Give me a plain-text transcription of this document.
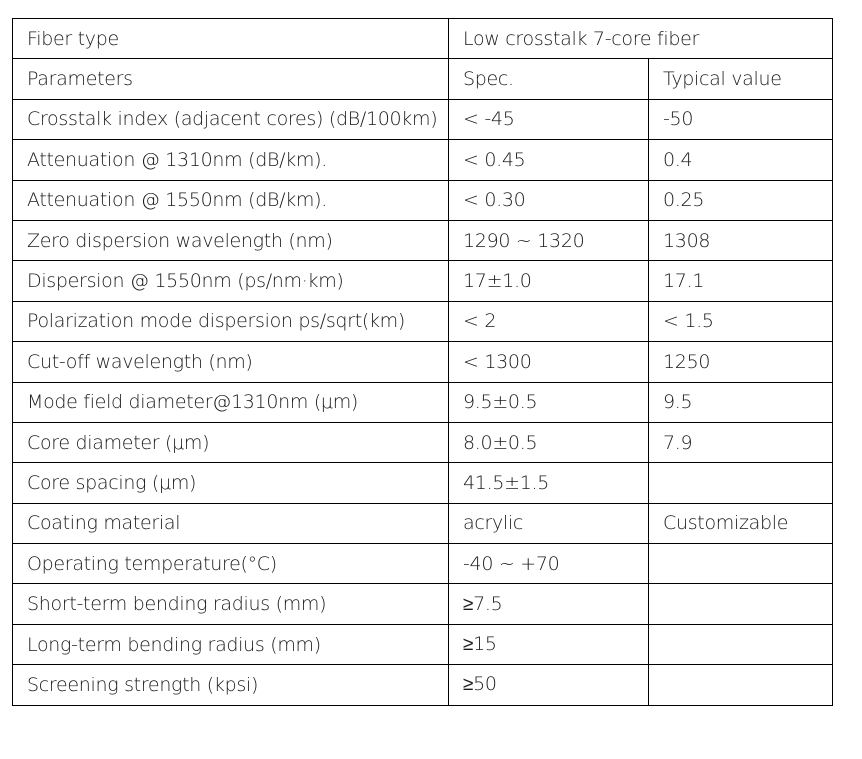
Fiber type	Low crosstalk 7-core fiber	
Parameters	Spec.	Typical value
Crosstalk index (adjacent cores) (dB/100km)	< -45	-50
Attenuation @ 1310nm (dB/km).	< 0.45	0.4
Attenuation @ 1550nm (dB/km).	< 0.30	0.25
Zero dispersion wavelength (nm)	1290 ~ 1320	1308
Dispersion @ 1550nm (ps/nm·km)	17±1.0	17.1
Polarization mode dispersion ps/sqrt(km)	< 2	< 1.5
Cut-off wavelength (nm)	< 1300	1250
Mode field diameter@1310nm (μm)	9.5±0.5	9.5
Core diameter (μm)	8.0±0.5	7.9
Core spacing (μm)	41.5±1.5	
Coating material	acrylic	Customizable
Operating temperature(°C)	-40 ~ +70	
Short-term bending radius (mm)	≥7.5	
Long-term bending radius (mm)	≥15	
Screening strength (kpsi)	≥50	
